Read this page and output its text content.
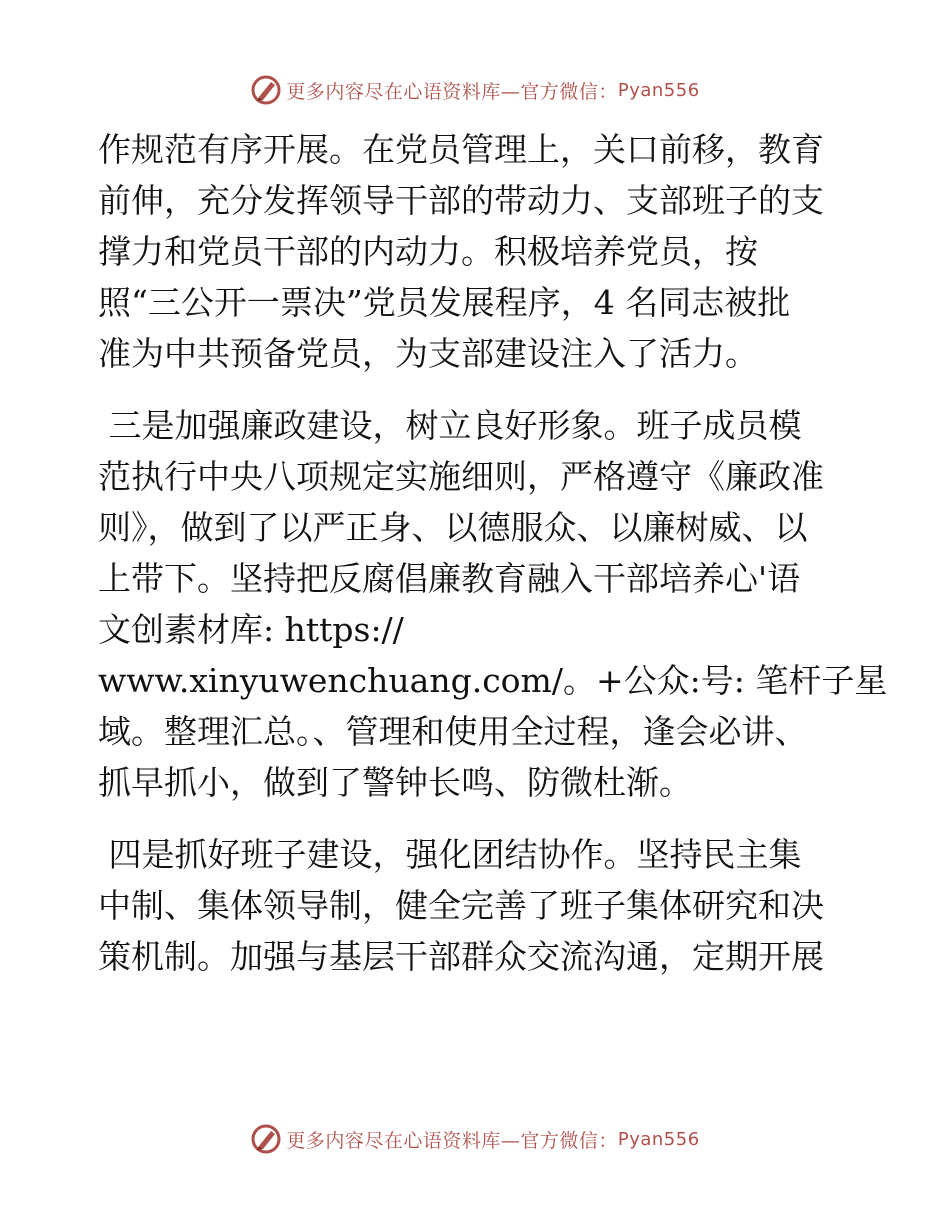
更多内容尽在心语资料库—官方微信： Pyan556
作规范有序开展。在党员管理上，关口前移，教育
前伸，充分发挥领导干部的带动力、支部班子的支
撑力和党员干部的内动力。积极培养党员，按
照“三公开一票决”党员发展程序，4 名同志被批
准为中共预备党员，为支部建设注入了活力。
三是加强廉政建设，树立良好形象。班子成员模
范执行中央八项规定实施细则，严格遵守《廉政准
则》，做到了以严正身、以德服众、以廉树威、以
上带下。坚持把反腐倡廉教育融入干部培养心'语
文创素材库: https://
www.xinyuwenchuang.com/。+公众:号: 笔杆子星
域。整理汇总。、管理和使用全过程，逢会必讲、
抓早抓小，做到了警钟长鸣、防微杜渐。
四是抓好班子建设，强化团结协作。坚持民主集
中制、集体领导制，健全完善了班子集体研究和决
策机制。加强与基层干部群众交流沟通，定期开展
更多内容尽在心语资料库—官方微信： Pyan556
